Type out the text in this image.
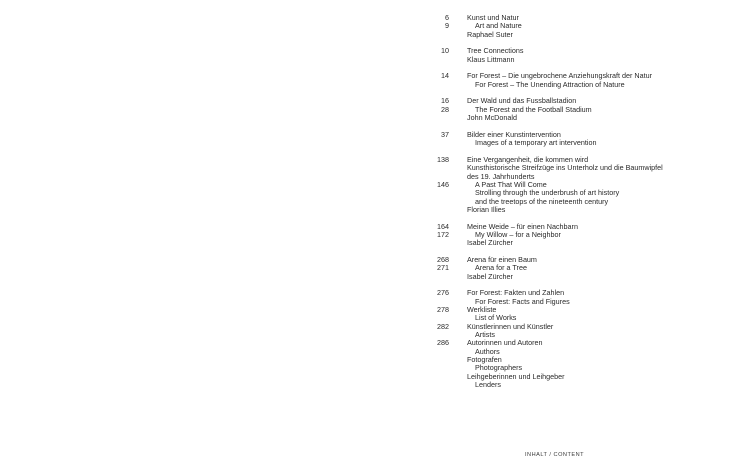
6	Kunst und Natur
9	Art and Nature
Raphael Suter
10	Tree Connections
Klaus Littmann
14	For Forest – Die ungebrochene Anziehungskraft der Natur
For Forest – The Unending Attraction of Nature
16	Der Wald und das Fussballstadion
28	The Forest and the Football Stadium
John McDonald
37	Bilder einer Kunstintervention
Images of a temporary art intervention
138	Eine Vergangenheit, die kommen wird
Kunsthistorische Streifzüge ins Unterholz und die Baumwipfel
des 19. Jahrhunderts
146	A Past That Will Come
Strolling through the underbrush of art history
and the treetops of the nineteenth century
Florian Illies
164	Meine Weide – für einen Nachbarn
172	My Willow – for a Neighbor
Isabel Zürcher
268	Arena für einen Baum
271	Arena for a Tree
Isabel Zürcher
276	For Forest: Fakten und Zahlen
For Forest: Facts and Figures
278	Werkliste
List of Works
282	Künstlerinnen und Künstler
Artists
286	Autorinnen und Autoren
Authors
Fotografen
Photographers
Leihgeberinnen und Leihgeber
Lenders
INHALT / CONTENT
